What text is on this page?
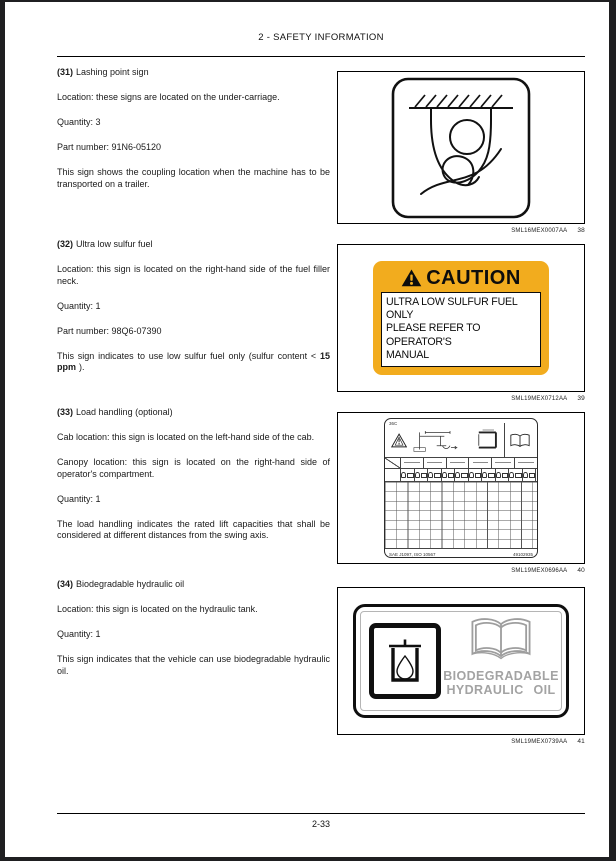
2 - SAFETY INFORMATION

(31) Lashing point sign

Location: these signs are located on the under-carriage.

Quantity: 3

Part number: 91N6-05120

This sign shows the coupling location when the machine has to be transported on a trailer.

SML16MEX0007AA 38

(32) Ultra low sulfur fuel

Location: this sign is located on the right-hand side of the fuel filler neck.

Quantity: 1

Part number: 98Q6-07390

This sign indicates to use low sulfur fuel only (sulfur content < 15 ppm ).

CAUTION
ULTRA LOW SULFUR FUEL ONLY
PLEASE REFER TO OPERATOR'S
MANUAL
SML19MEX0712AA 39

(33) Load handling (optional)

Cab location: this sign is located on the left-hand side of the cab.

Canopy location: this sign is located on the right-hand side of operator's compartment.

Quantity: 1

The load handling indicates the rated lift capacities that shall be considered at different distances from the swing axis.

36C
SAE J1097, ISO 10567	49102935
SML19MEX0696AA 40

(34) Biodegradable hydraulic oil

Location: this sign is located on the hydraulic tank.

Quantity: 1

This sign indicates that the vehicle can use biodegradable hydraulic oil.	BIODEGRADABLE
HYDRAULIC OIL
SML19MEX0739AA 41
2-33
